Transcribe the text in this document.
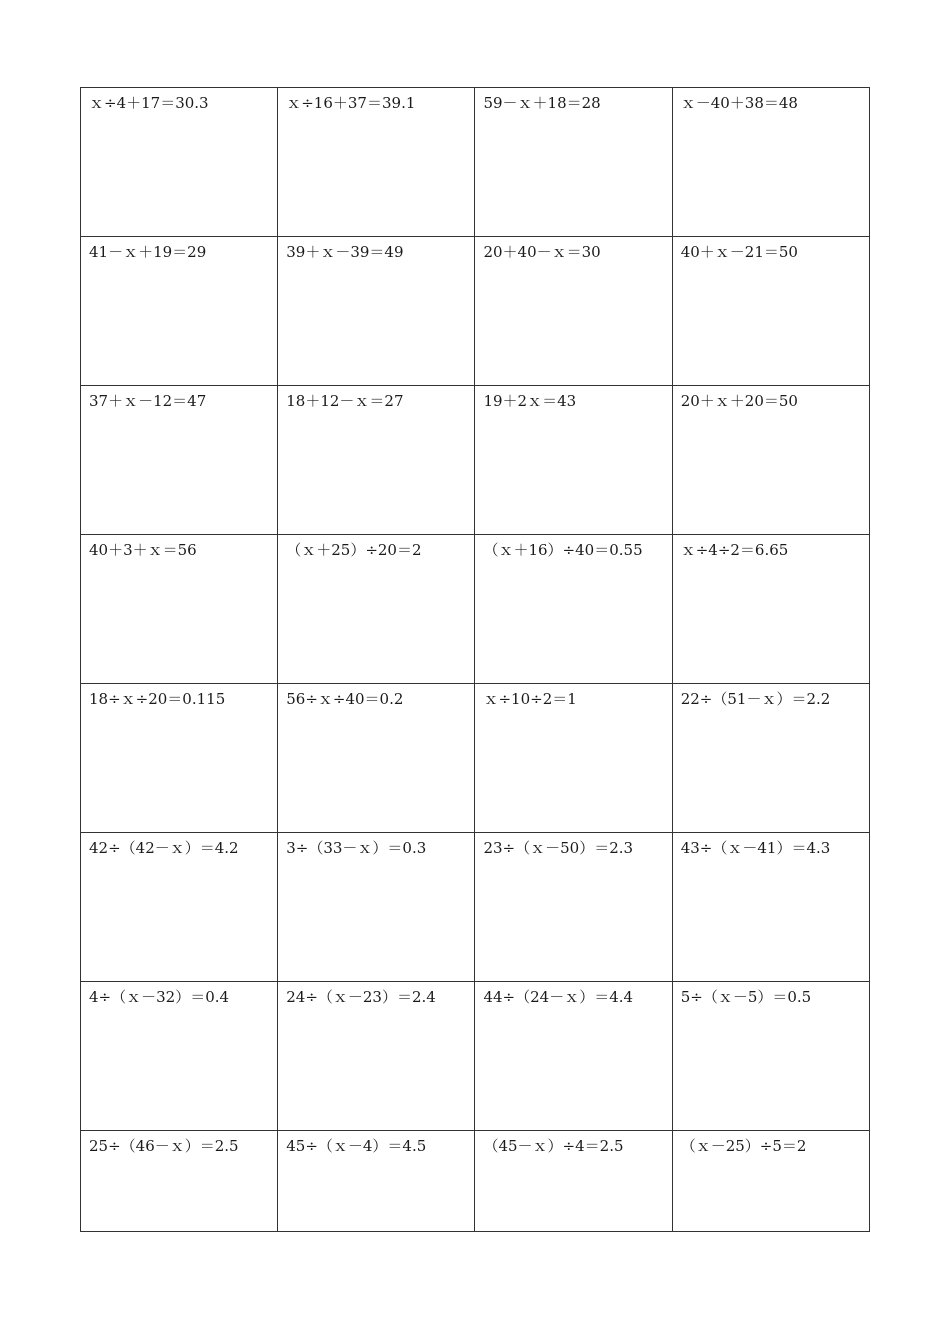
ｘ÷4＋17＝30.3	ｘ÷16＋37＝39.1	59－ｘ＋18＝28	ｘ－40＋38＝48
41－ｘ＋19＝29	39＋ｘ－39＝49	20＋40－ｘ＝30	40＋ｘ－21＝50
37＋ｘ－12＝47	18＋12－ｘ＝27	19＋2ｘ＝43	20＋ｘ＋20＝50
40＋3＋ｘ＝56	（ｘ＋25）÷20＝2	（ｘ＋16）÷40＝0.55	ｘ÷4÷2＝6.65
18÷ｘ÷20＝0.115	56÷ｘ÷40＝0.2	ｘ÷10÷2＝1	22÷（51－ｘ）＝2.2
42÷（42－ｘ）＝4.2	3÷（33－ｘ）＝0.3	23÷（ｘ－50）＝2.3	43÷（ｘ－41）＝4.3
4÷（ｘ－32）＝0.4	24÷（ｘ－23）＝2.4	44÷（24－ｘ）＝4.4	5÷（ｘ－5）＝0.5
25÷（46－ｘ）＝2.5	45÷（ｘ－4）＝4.5	（45－ｘ）÷4＝2.5	（ｘ－25）÷5＝2
